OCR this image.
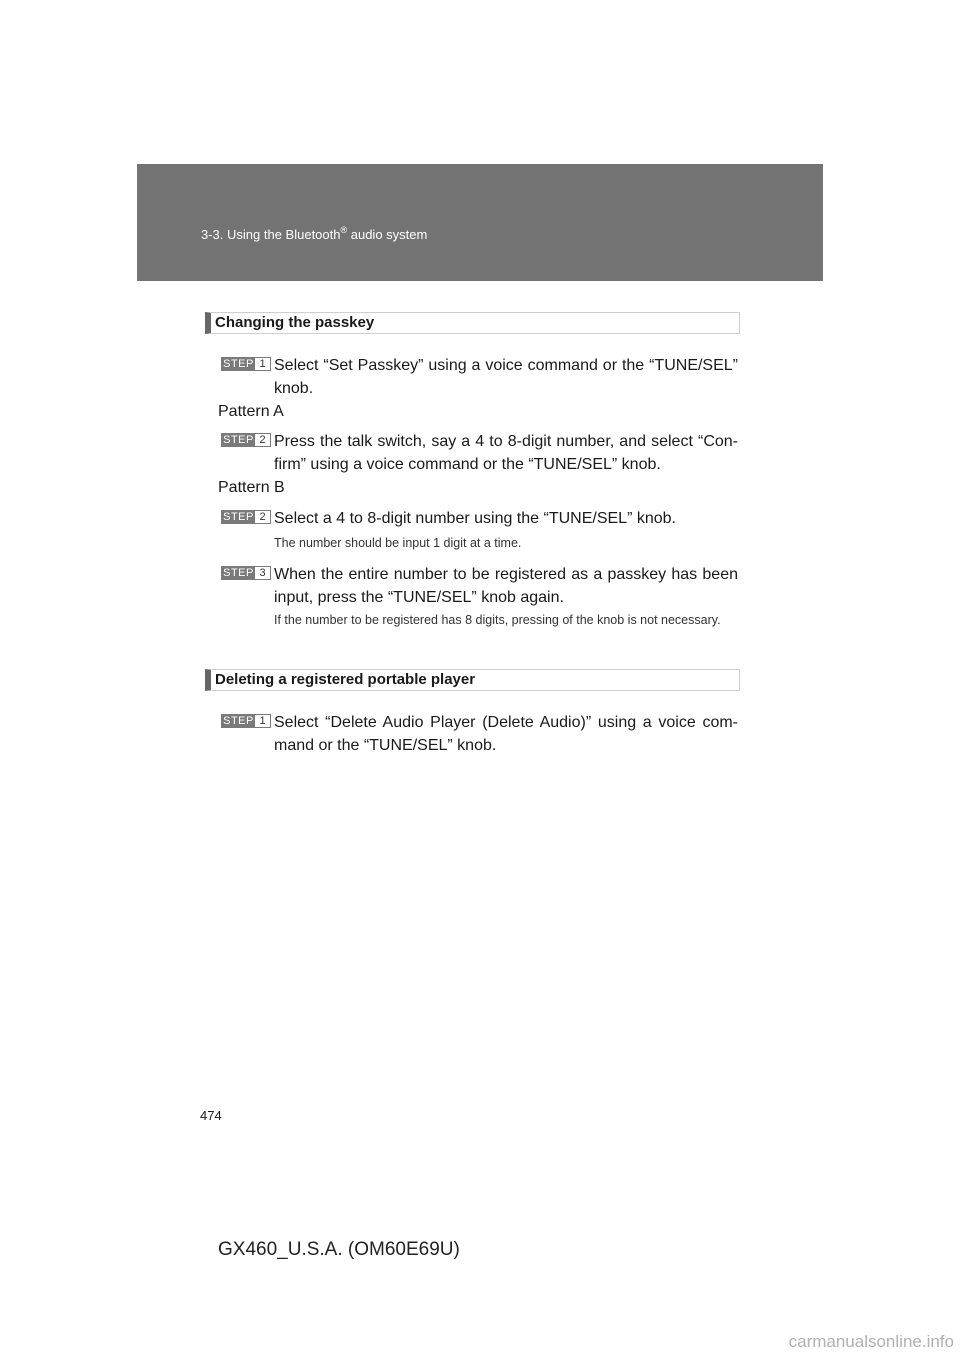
3-3. Using the Bluetooth® audio system
Changing the passkey
STEP 1 Select “Set Passkey” using a voice command or the “TUNE/SEL” knob.
Pattern A
STEP 2 Press the talk switch, say a 4 to 8-digit number, and select “Con-firm” using a voice command or the “TUNE/SEL” knob.
Pattern B
STEP 2 Select a 4 to 8-digit number using the “TUNE/SEL” knob.
The number should be input 1 digit at a time.
STEP 3 When the entire number to be registered as a passkey has been input, press the “TUNE/SEL” knob again.
If the number to be registered has 8 digits, pressing of the knob is not necessary.
Deleting a registered portable player
STEP 1 Select “Delete Audio Player (Delete Audio)” using a voice com-mand or the “TUNE/SEL” knob.
474
GX460_U.S.A. (OM60E69U)
carmanualsonline.info
